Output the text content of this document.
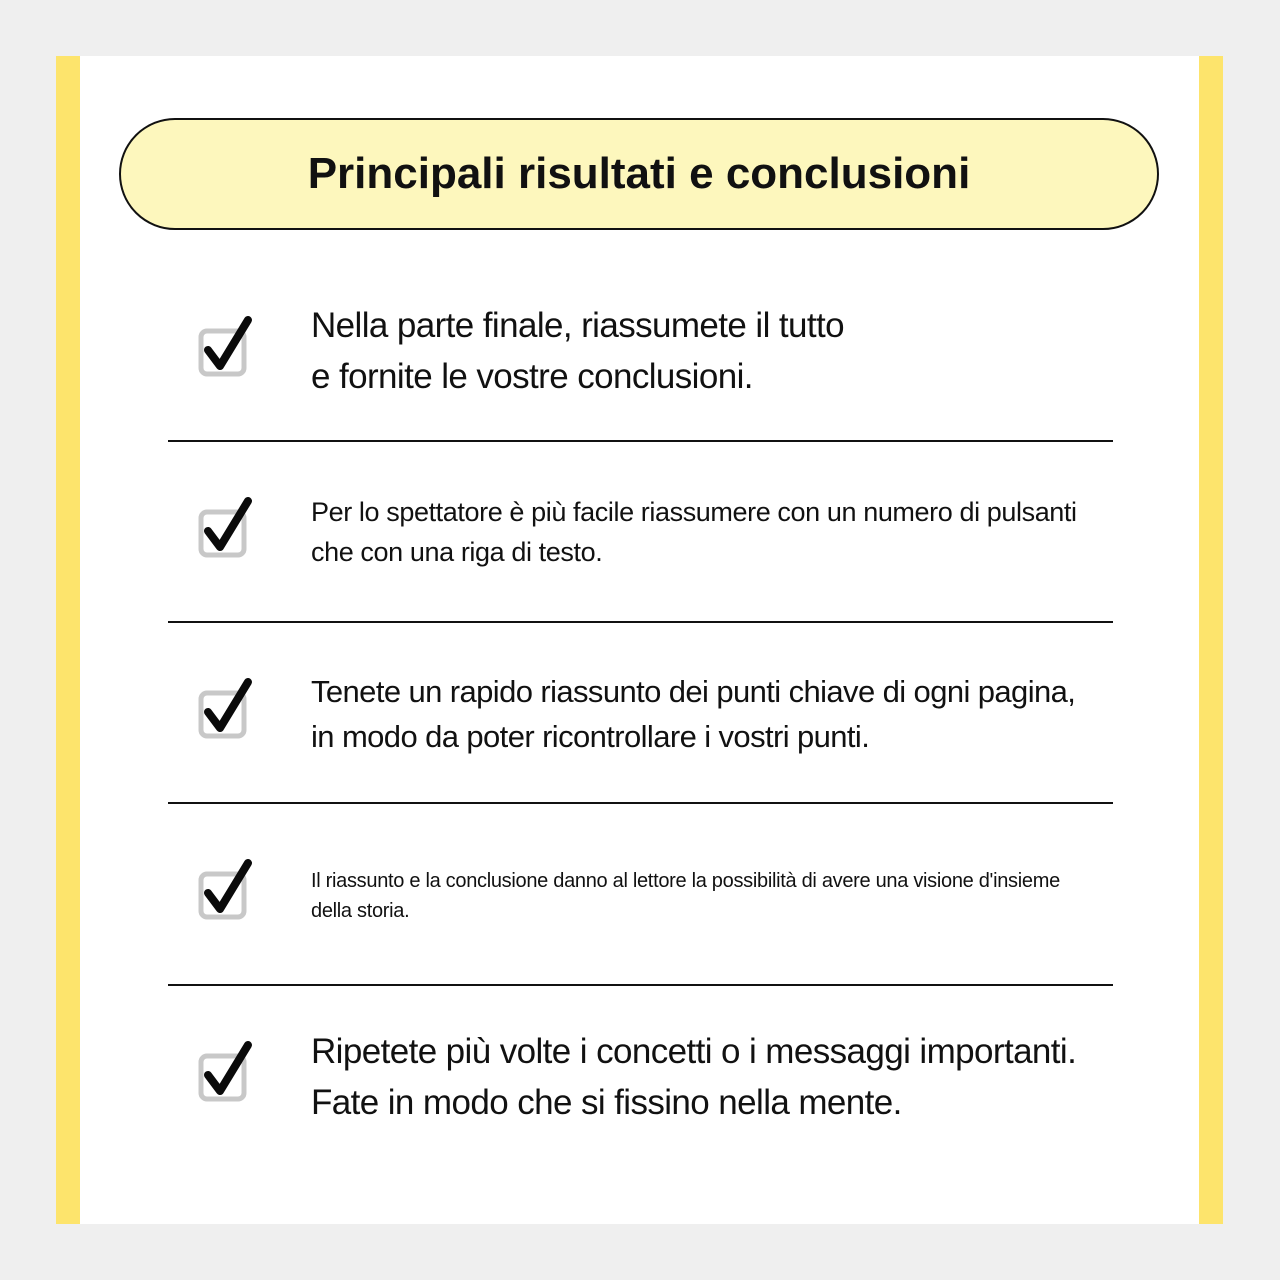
Principali risultati e conclusioni

Nella parte finale, riassumete il tutto
e fornite le vostre conclusioni.

Per lo spettatore è più facile riassumere con un numero di pulsanti
che con una riga di testo.

Tenete un rapido riassunto dei punti chiave di ogni pagina,
in modo da poter ricontrollare i vostri punti.

Il riassunto e la conclusione danno al lettore la possibilità di avere una visione d'insieme
della storia.

Ripetete più volte i concetti o i messaggi importanti.
Fate in modo che si fissino nella mente.
